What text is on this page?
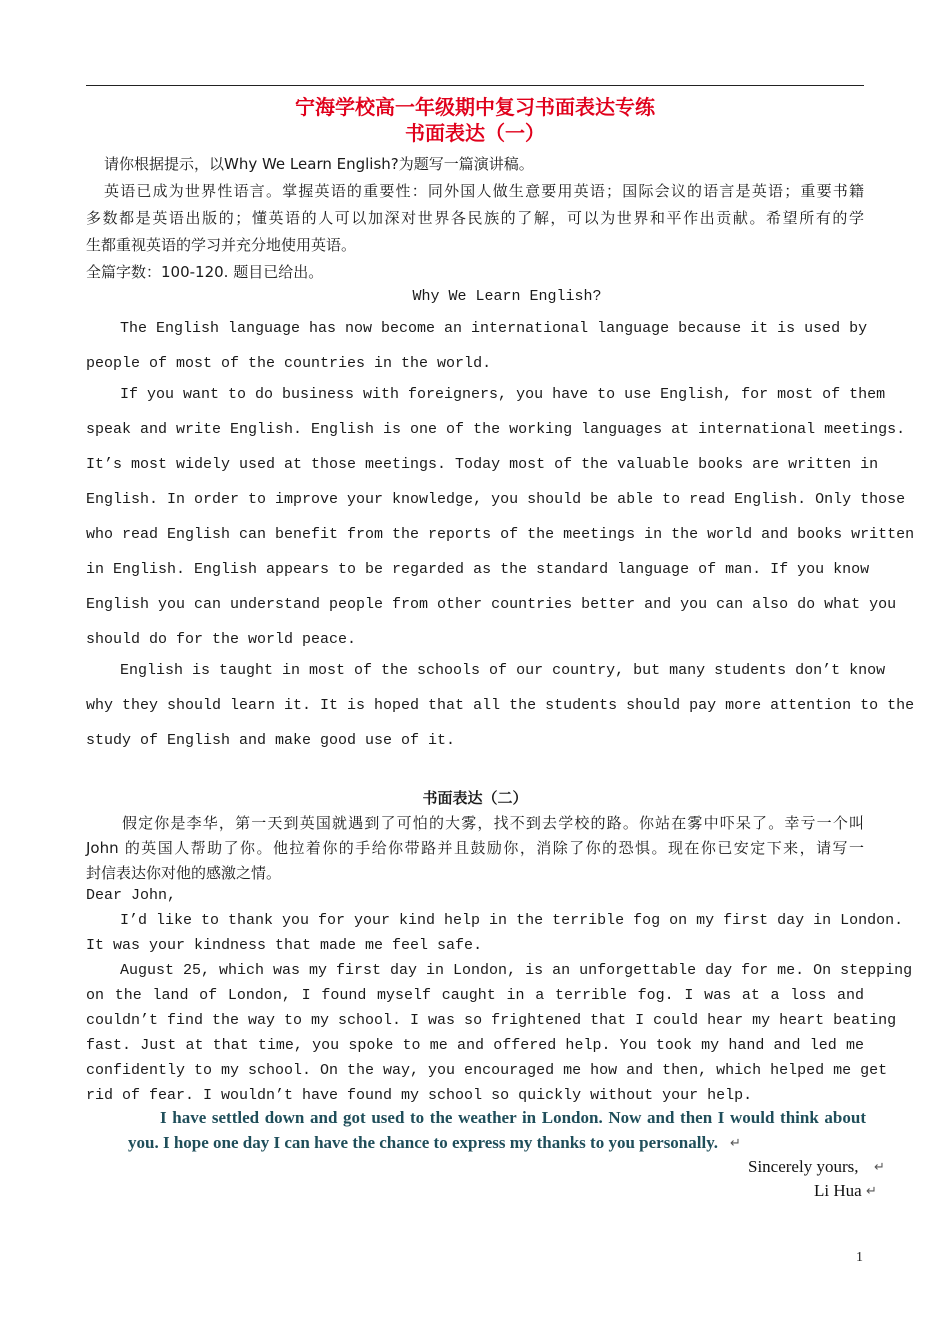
宁海学校高一年级期中复习书面表达专练
书面表达（一）
请你根据提示，以Why We Learn English?为题写一篇演讲稿。
英语已成为世界性语言。掌握英语的重要性：同外国人做生意要用英语；国际会议的语言是英语；重要书籍
多数都是英语出版的；懂英语的人可以加深对世界各民族的了解，可以为世界和平作出贡献。希望所有的学
生都重视英语的学习并充分地使用英语。
全篇字数：100-120. 题目已给出。
Why We Learn English?
The English language has now become an international language because it is used by
people of most of the countries in the world.
If you want to do business with foreigners, you have to use English, for most of them
speak and write English. English is one of the working languages at international meetings.
It’s most widely used at those meetings. Today most of the valuable books are written in
English. In order to improve your knowledge, you should be able to read English. Only those
who read English can benefit from the reports of the meetings in the world and books written
in English. English appears to be regarded as the standard language of man. If you know
English you can understand people from other countries better and you can also do what you
should do for the world peace.
English is taught in most of the schools of our country, but many students don’t know
why they should learn it. It is hoped that all the students should pay more attention to the
study of English and make good use of it.
书面表达（二）
假定你是李华，第一天到英国就遇到了可怕的大雾，找不到去学校的路。你站在雾中吓呆了。幸亏一个叫
John 的英国人帮助了你。他拉着你的手给你带路并且鼓励你，消除了你的恐惧。现在你已安定下来，请写一
封信表达你对他的感激之情。
Dear John,
I’d like to thank you for your kind help in the terrible fog on my first day in London.
It was your kindness that made me feel safe.
August 25, which was my first day in London, is an unforgettable day for me. On stepping
on the land of London, I found myself caught in a terrible fog. I was at a loss and
couldn’t find the way to my school. I was so frightened that I could hear my heart beating
fast. Just at that time, you spoke to me and offered help. You took my hand and led me
confidently to my school. On the way, you encouraged me how and then, which helped me get
rid of fear. I wouldn’t have found my school so quickly without your help.
I have settled down and got used to the weather in London. Now and then I would think about
you. I hope one day I can have the chance to express my thanks to you personally. ↵
Sincerely yours, ↵
Li Hua ↵
1
